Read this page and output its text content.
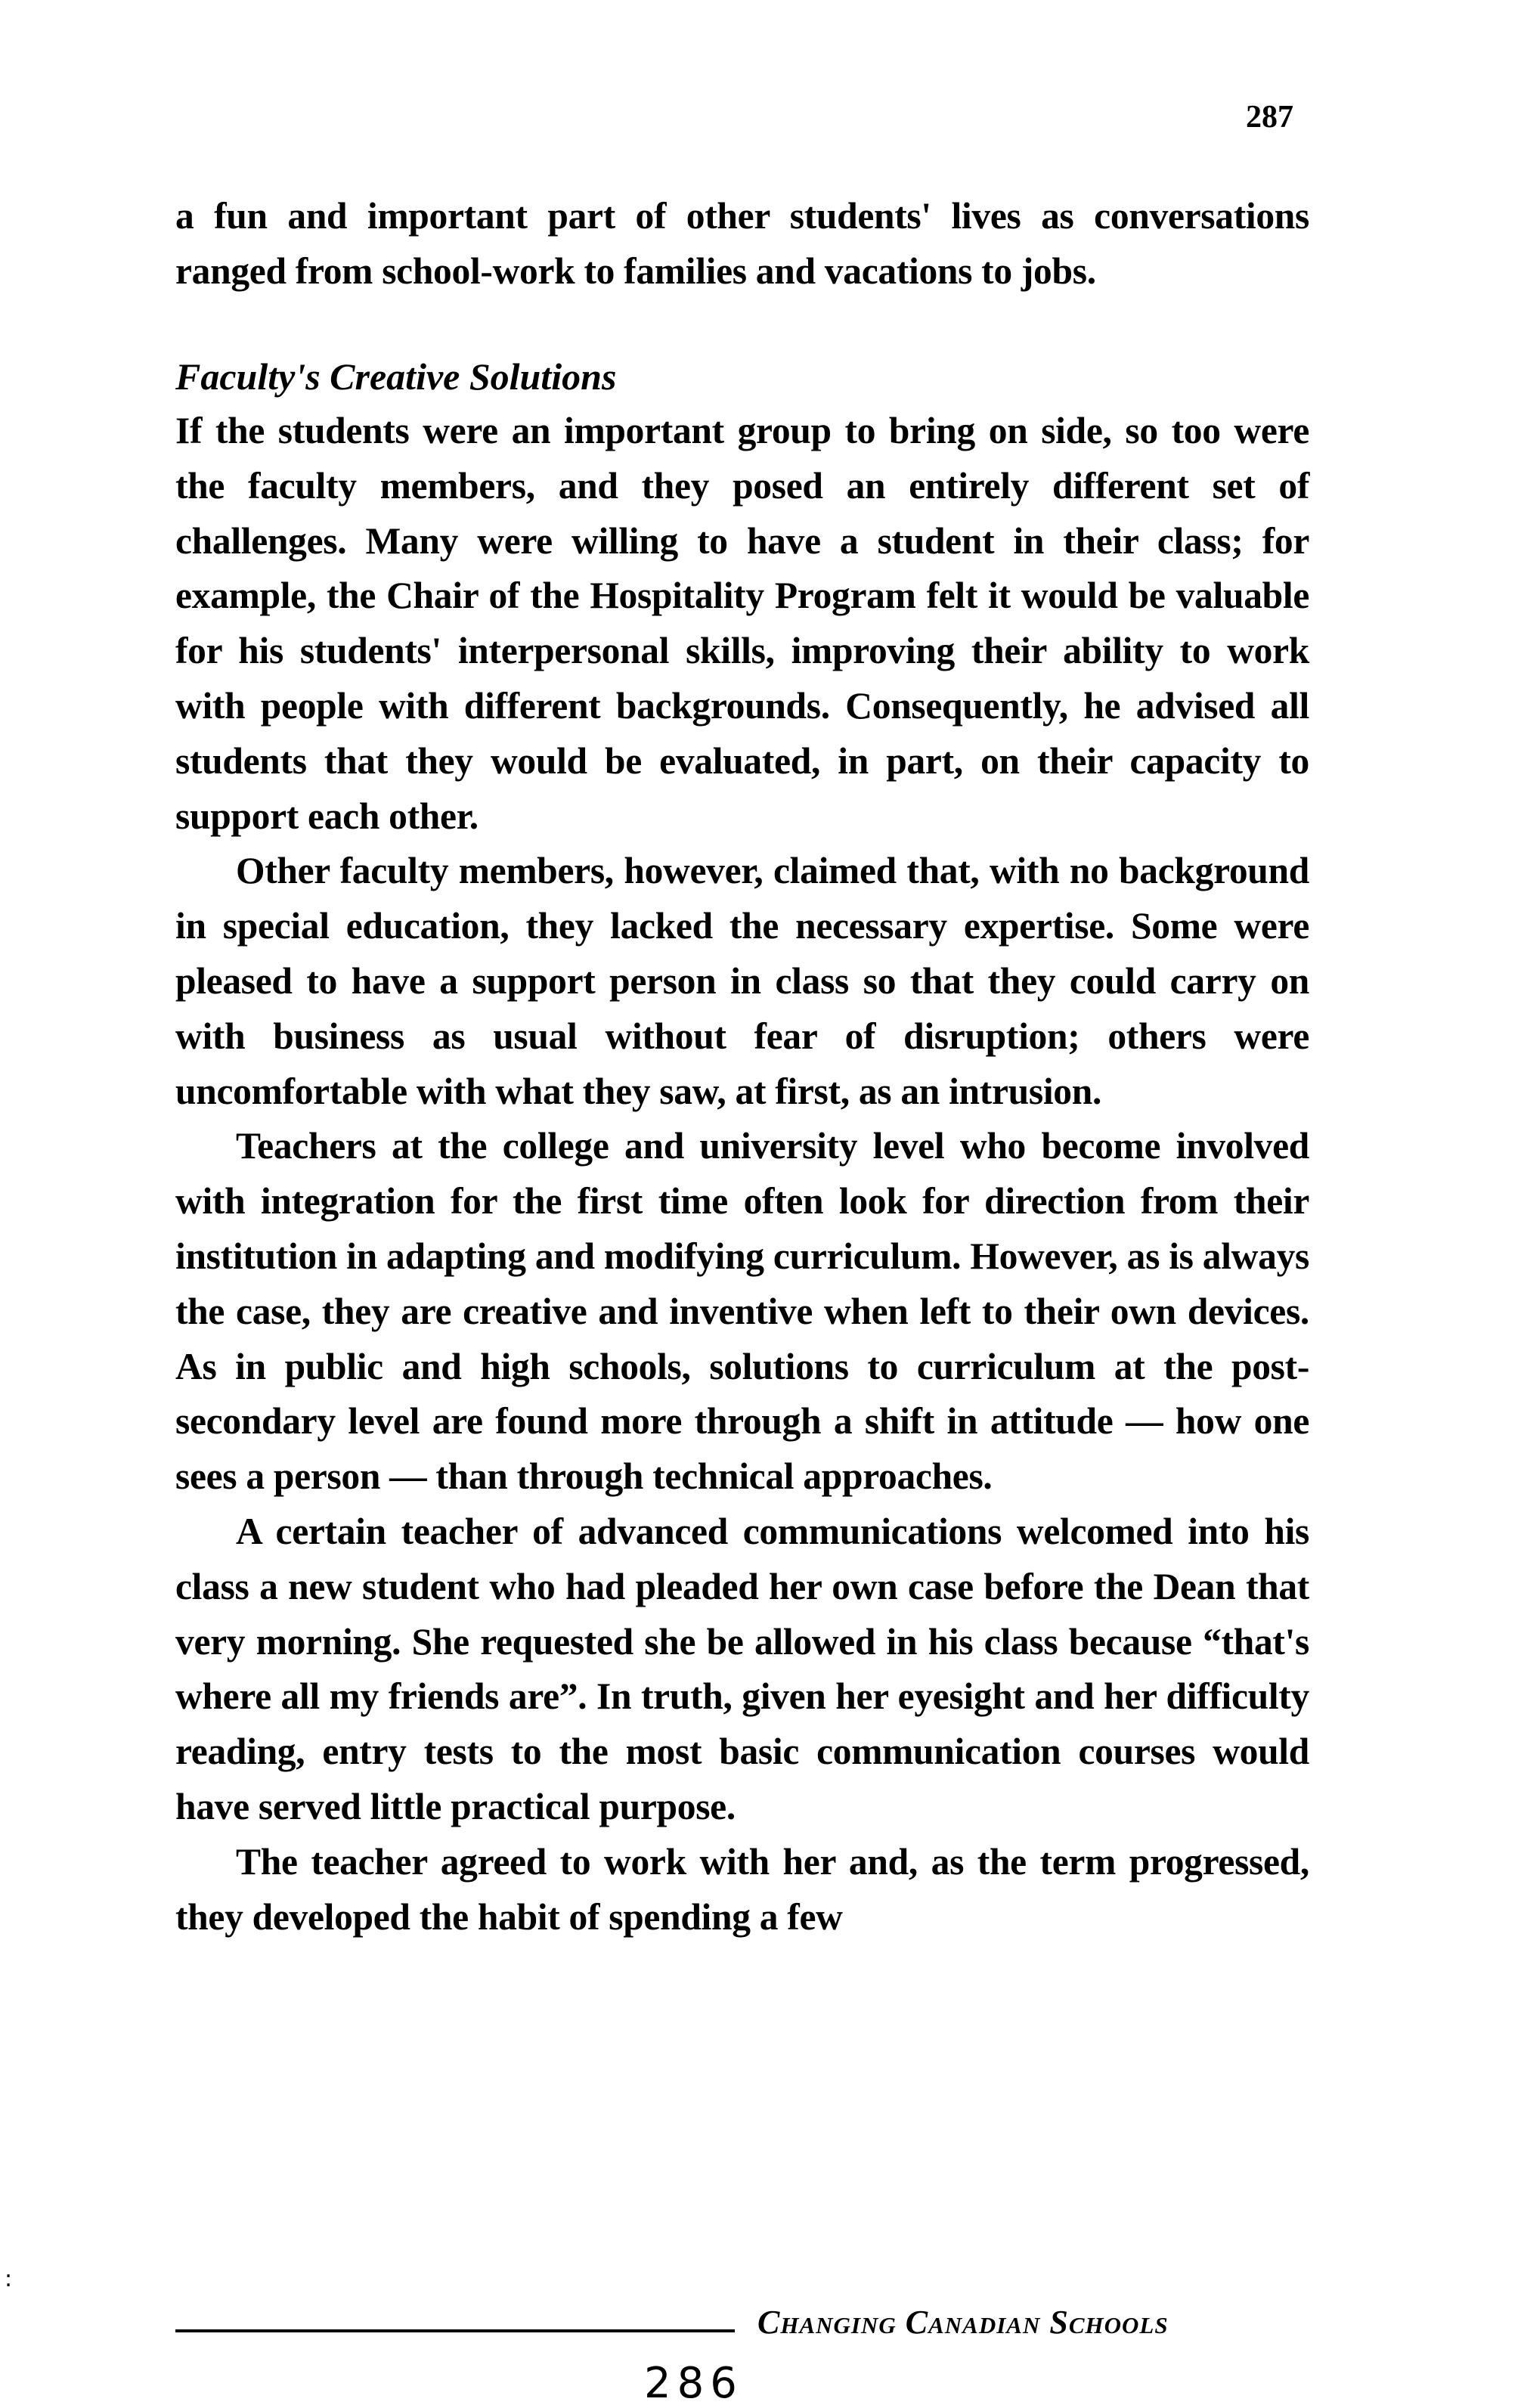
287

a fun and important part of other students' lives as conversations ranged from school-work to families and vacations to jobs.

Faculty's Creative Solutions

If the students were an important group to bring on side, so too were the faculty members, and they posed an entirely different set of challenges. Many were willing to have a student in their class; for example, the Chair of the Hospitality Program felt it would be valuable for his students' interpersonal skills, improving their ability to work with people with different backgrounds. Consequently, he advised all students that they would be evaluated, in part, on their capacity to support each other.

Other faculty members, however, claimed that, with no background in special education, they lacked the necessary expertise. Some were pleased to have a support person in class so that they could carry on with business as usual without fear of disruption; others were uncomfortable with what they saw, at first, as an intrusion.

Teachers at the college and university level who become involved with integration for the first time often look for direction from their institution in adapting and modifying curriculum. However, as is always the case, they are creative and inventive when left to their own devices. As in public and high schools, solutions to curriculum at the post-secondary level are found more through a shift in attitude — how one sees a person — than through technical approaches.

A certain teacher of advanced communications welcomed into his class a new student who had pleaded her own case before the Dean that very morning. She requested she be allowed in his class because “that's where all my friends are”. In truth, given her eyesight and her difficulty reading, entry tests to the most basic communication courses would have served little practical purpose.

The teacher agreed to work with her and, as the term progressed, they developed the habit of spending a few

Changing Canadian Schools
286
:
